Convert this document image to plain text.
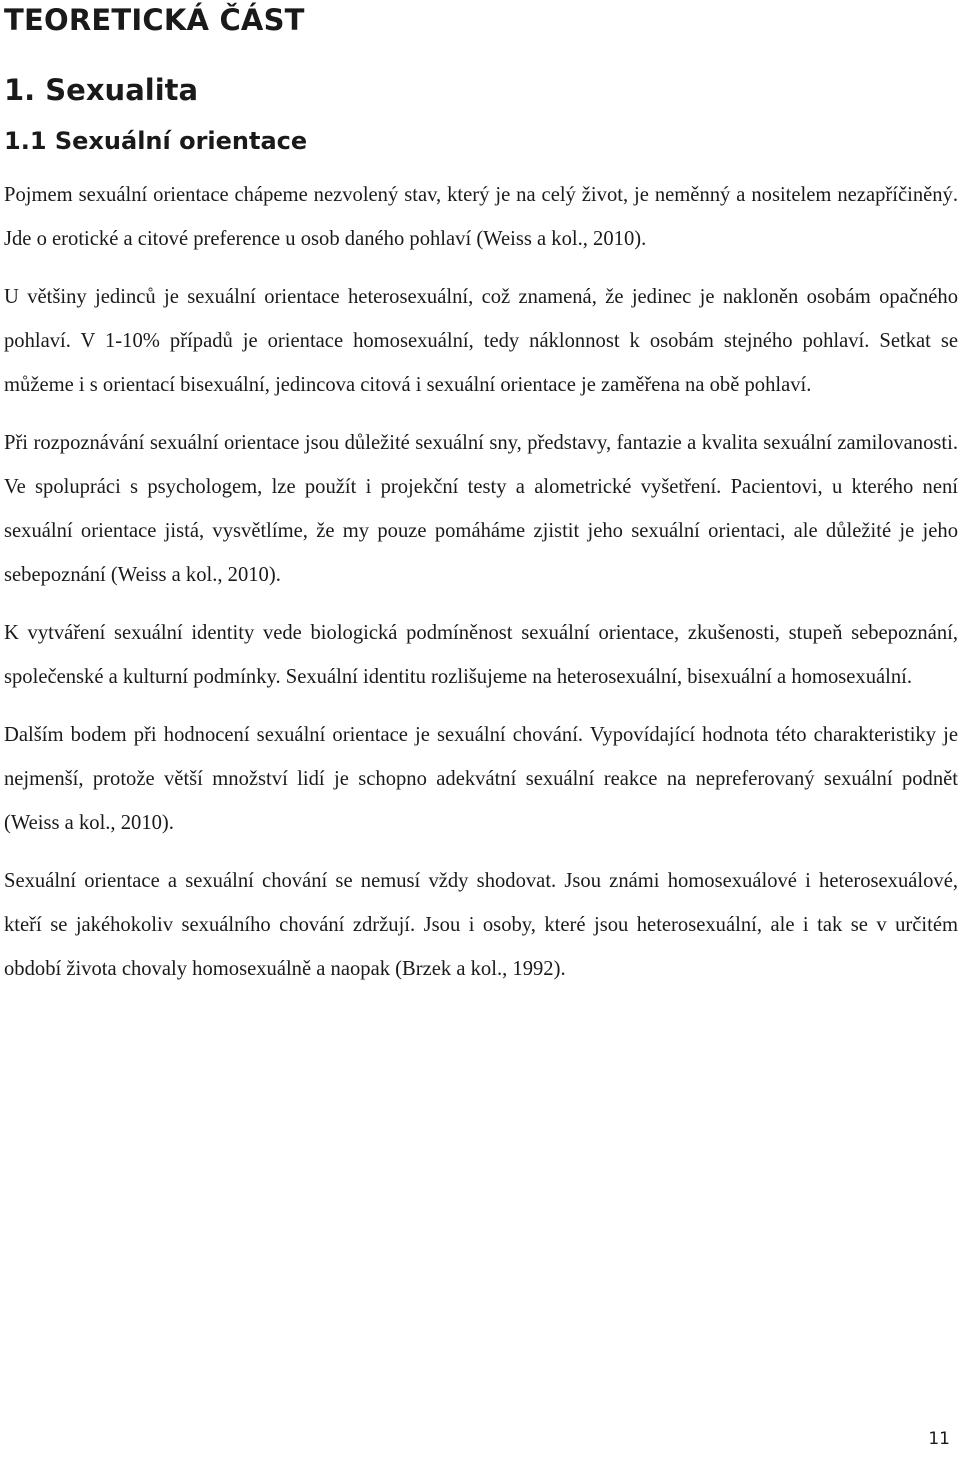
TEORETICKÁ ČÁST
1. Sexualita
1.1 Sexuální orientace

Pojmem sexuální orientace chápeme nezvolený stav, který je na celý život, je neměnný a nositelem nezapříčiněný. Jde o erotické a citové preference u osob daného pohlaví (Weiss a kol., 2010).

U většiny jedinců je sexuální orientace heterosexuální, což znamená, že jedinec je nakloněn osobám opačného pohlaví. V 1-10% případů je orientace homosexuální, tedy náklonnost k osobám stejného pohlaví. Setkat se můžeme i s orientací bisexuální, jedincova citová i sexuální orientace je zaměřena na obě pohlaví.

Při rozpoznávání sexuální orientace jsou důležité sexuální sny, představy, fantazie a kvalita sexuální zamilovanosti. Ve spolupráci s psychologem, lze použít i projekční testy a alometrické vyšetření. Pacientovi, u kterého není sexuální orientace jistá, vysvětlíme, že my pouze pomáháme zjistit jeho sexuální orientaci, ale důležité je jeho sebepoznání (Weiss a kol., 2010).

K vytváření sexuální identity vede biologická podmíněnost sexuální orientace, zkušenosti, stupeň sebepoznání, společenské a kulturní podmínky. Sexuální identitu rozlišujeme na heterosexuální, bisexuální a homosexuální.

Dalším bodem při hodnocení sexuální orientace je sexuální chování. Vypovídající hodnota této charakteristiky je nejmenší, protože větší množství lidí je schopno adekvátní sexuální reakce na nepreferovaný sexuální podnět (Weiss a kol., 2010).

Sexuální orientace a sexuální chování se nemusí vždy shodovat. Jsou známi homosexuálové i heterosexuálové, kteří se jakéhokoliv sexuálního chování zdržují. Jsou i osoby, které jsou heterosexuální, ale i tak se v určitém období života chovaly homosexuálně a naopak (Brzek a kol., 1992).

11
